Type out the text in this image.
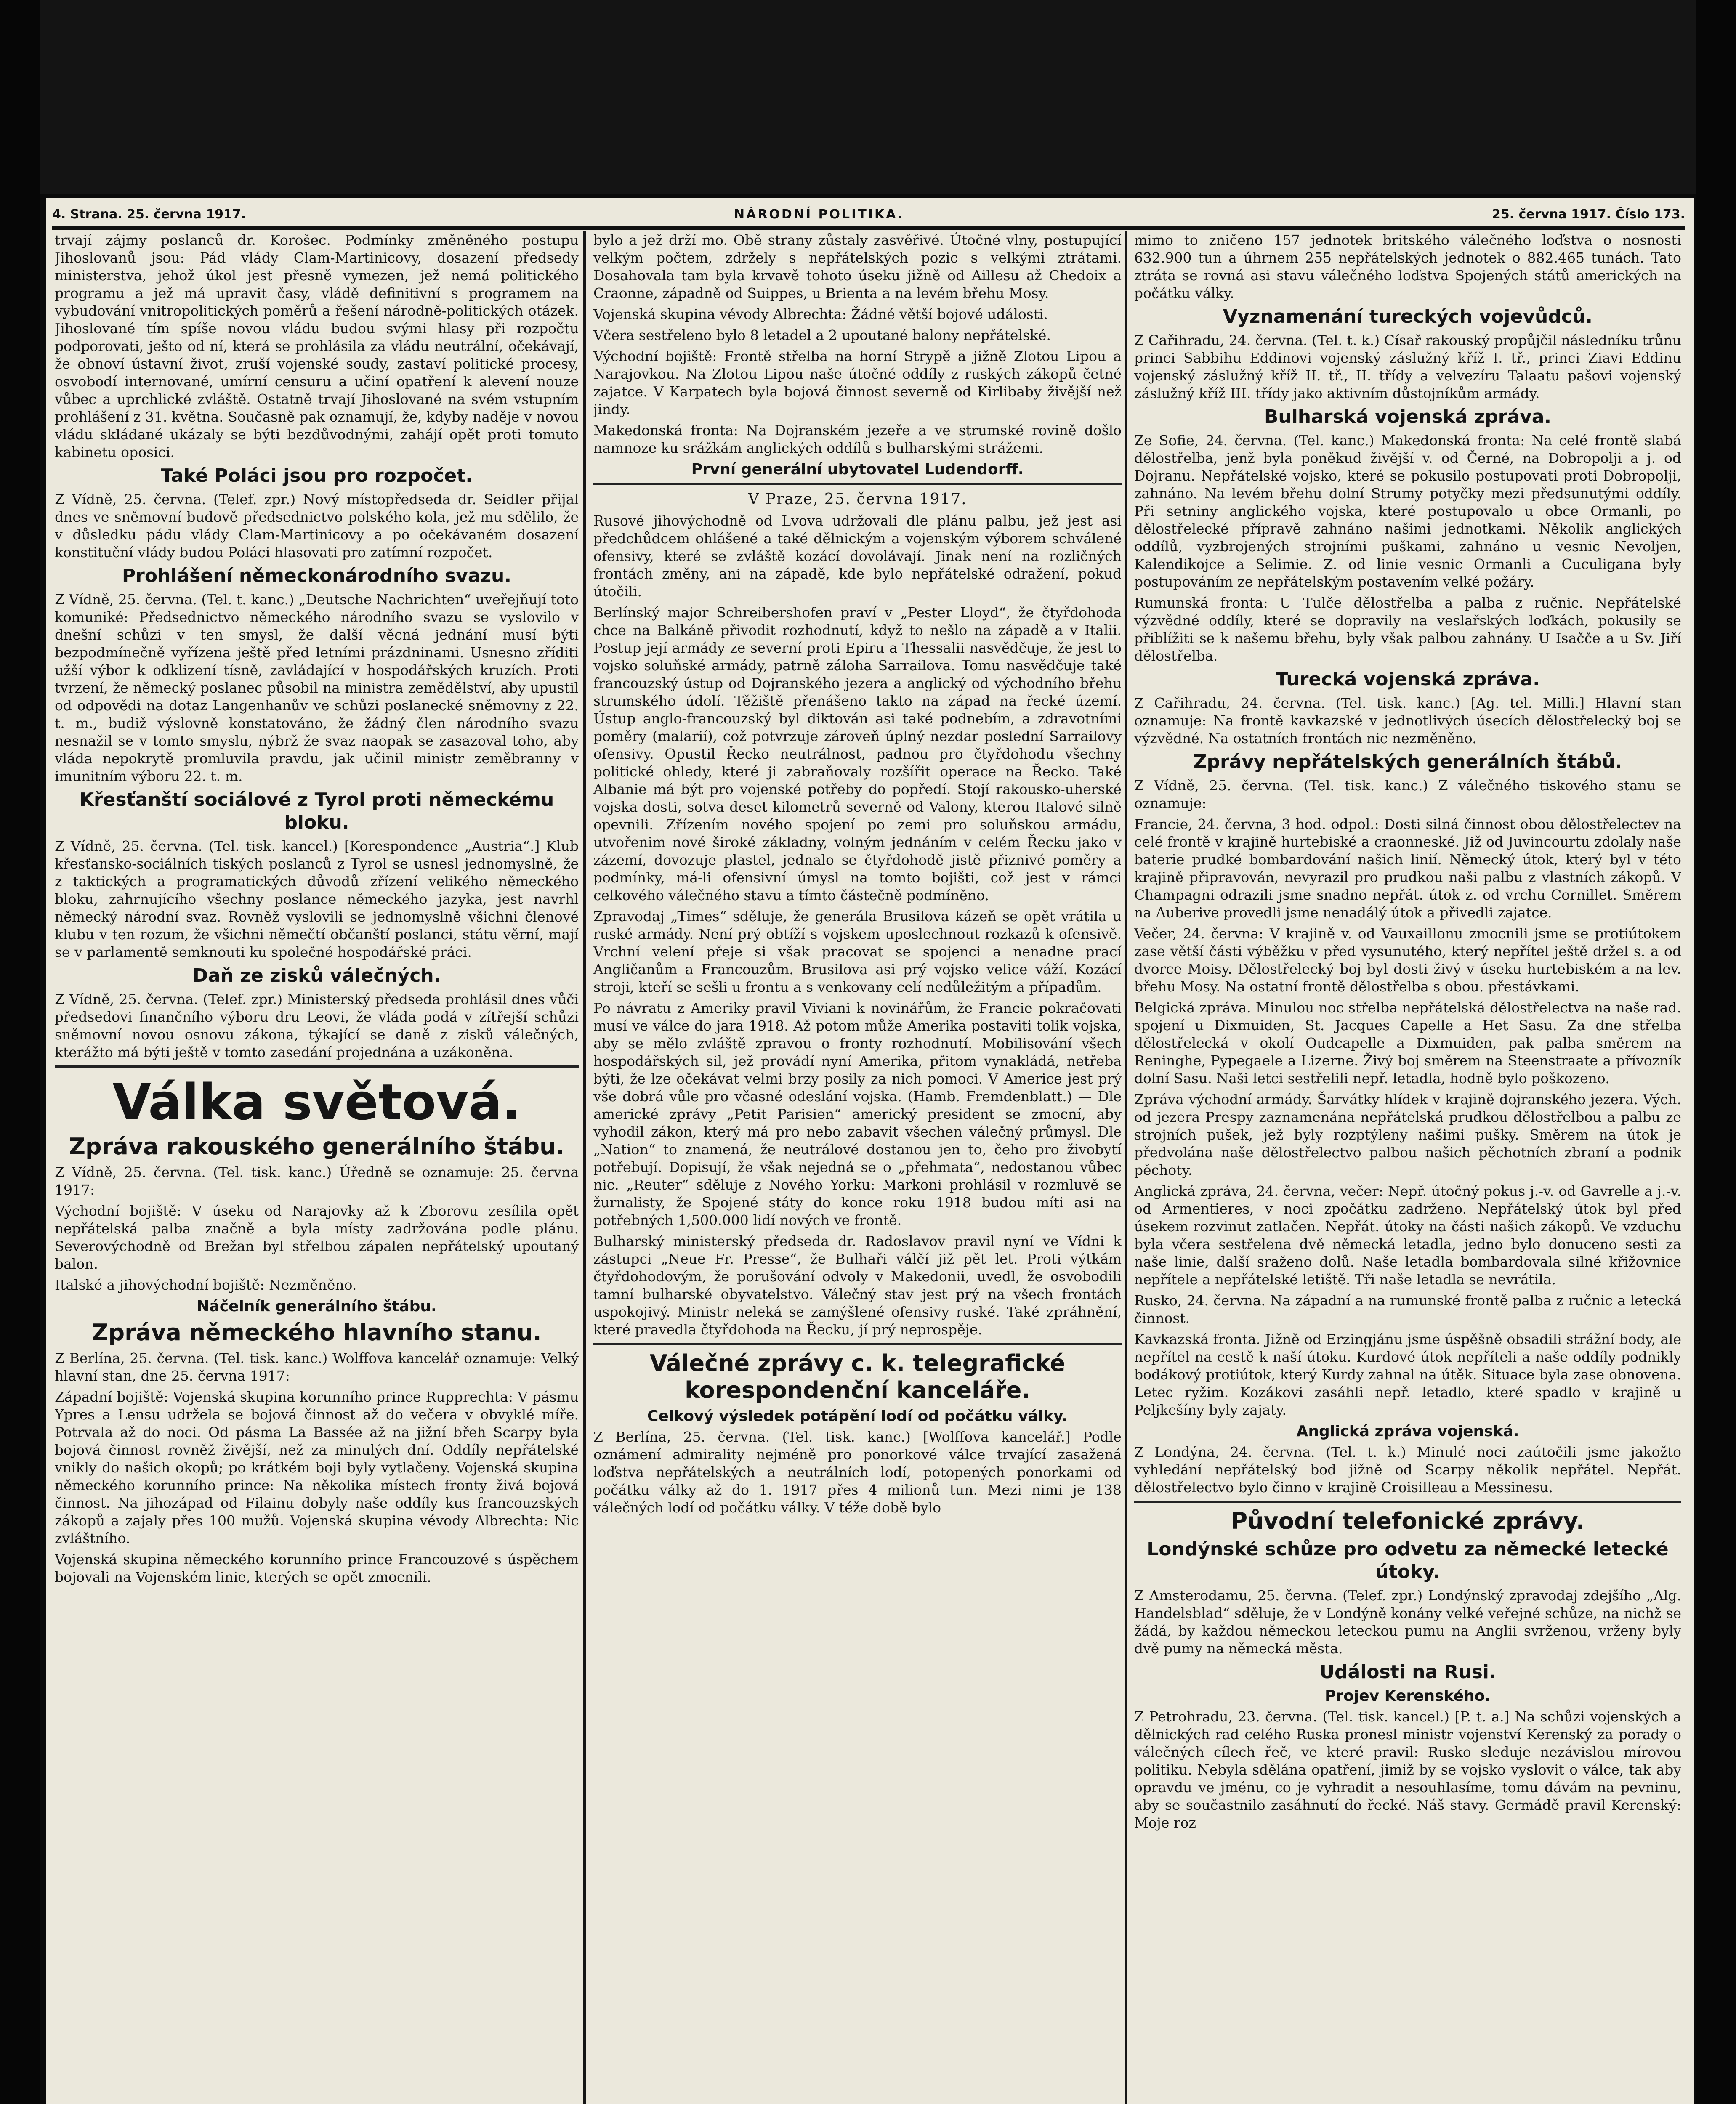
4. Strana. 25. června 1917.	NÁRODNÍ POLITIKA.	25. června 1917. Číslo 173.

trvají zájmy poslanců dr. Korošec. Podmínky změněného postupu Jihoslovanů jsou: Pád vlády Clam-Martinicovy, dosazení předsedy ministerstva, jehož úkol jest přesně vymezen, jež nemá politického programu a jež má upravit časy, vládě definitivní s programem na vybudování vnitropolitických poměrů a řešení národně-politických otázek. Jihoslované tím spíše novou vládu budou svými hlasy při rozpočtu podporovati, ješto od ní, která se prohlásila za vládu neutrální, očekávají, že obnoví ústavní život, zruší vojenské soudy, zastaví politické procesy, osvobodí internované, umírní censuru a učiní opatření k alevení nouze vůbec a uprchlické zvláště. Ostatně trvají Jihoslované na svém vstupním prohlášení z 31. května. Současně pak oznamují, že, kdyby naděje v novou vládu skládané ukázaly se býti bezdůvodnými, zahájí opět proti tomuto kabinetu oposici.

Také Poláci jsou pro rozpočet.

Z Vídně, 25. června. (Telef. zpr.) Nový místopředseda dr. Seidler přijal dnes ve sněmovní budově předsednictvo polského kola, jež mu sdělilo, že v důsledku pádu vlády Clam-Martinicovy a po očekávaném dosazení konstituční vlády budou Poláci hlasovati pro zatímní rozpočet.

Prohlášení německonárodního svazu.

Z Vídně, 25. června. (Tel. t. kanc.) „Deutsche Nachrichten“ uveřejňují toto komuniké: Předsednictvo německého národního svazu se vyslovilo v dnešní schůzi v ten smysl, že další věcná jednání musí býti bezpodmínečně vyřízena ještě před letními prázdninami. Usnesno zříditi užší výbor k odklizení tísně, zavládající v hospodářských kruzích. Proti tvrzení, že německý poslanec působil na ministra zemědělství, aby upustil od odpovědi na dotaz Langenhanův ve schůzi poslanecké sněmovny z 22. t. m., budiž výslovně konstatováno, že žádný člen národního svazu nesnažil se v tomto smyslu, nýbrž že svaz naopak se zasazoval toho, aby vláda nepokrytě promluvila pravdu, jak učinil ministr zeměbranny v imunitním výboru 22. t. m.

Křesťanští sociálové z Tyrol proti německému bloku.

Z Vídně, 25. června. (Tel. tisk. kancel.) [Korespondence „Austria“.] Klub křesťansko-sociálních tiských poslanců z Tyrol se usnesl jednomyslně, že z taktických a programatických důvodů zřízení velikého německého bloku, zahrnujícího všechny poslance německého jazyka, jest navrhl německý národní svaz. Rovněž vyslovili se jednomyslně všichni členové klubu v ten rozum, že všichni němečtí občanští poslanci, státu věrní, mají se v parlamentě semknouti ku společné hospodářské práci.

Daň ze zisků válečných.

Z Vídně, 25. června. (Telef. zpr.) Ministerský předseda prohlásil dnes vůči předsedovi finančního výboru dru Leovi, že vláda podá v zítřejší schůzi sněmovní novou osnovu zákona, týkající se daně z zisků válečných, kterážto má býti ještě v tomto zasedání projednána a uzákoněna.

Válka světová.
Zpráva rakouského generálního štábu.

Z Vídně, 25. června. (Tel. tisk. kanc.) Úředně se oznamuje: 25. června 1917:

Východní bojiště: V úseku od Narajovky až k Zborovu zesílila opět nepřátelská palba značně a byla místy zadržována podle plánu. Severovýchodně od Brežan byl střelbou zápalen nepřátelský upoutaný balon.

Italské a jihovýchodní bojiště: Nezměněno.

Náčelník generálního štábu.
Zpráva německého hlavního stanu.

Z Berlína, 25. června. (Tel. tisk. kanc.) Wolffova kancelář oznamuje: Velký hlavní stan, dne 25. června 1917:

Západní bojiště: Vojenská skupina korunního prince Rupprechta: V pásmu Ypres a Lensu udržela se bojová činnost až do večera v obvyklé míře. Potrvala až do noci. Od pásma La Bassée až na jižní břeh Scarpy byla bojová činnost rovněž živější, než za minulých dní. Oddíly nepřátelské vnikly do našich okopů; po krátkém boji byly vytlačeny. Vojenská skupina německého korunního prince: Na několika místech fronty živá bojová činnost. Na jihozápad od Filainu dobyly naše oddíly kus francouzských zákopů a zajaly přes 100 mužů. Vojenská skupina vévody Albrechta: Nic zvláštního.

Vojenská skupina německého korunního prince Francouzové s úspěchem bojovali na Vojenském linie, kterých se opět zmocnili.

bylo a jež drží mo. Obě strany zůstaly zasvěřivé. Útočné vlny, postupující velkým počtem, zdržely s nepřátelských pozic s velkými ztrátami. Dosahovala tam byla krvavě tohoto úseku jižně od Aillesu až Chedoix a Craonne, západně od Suippes, u Brienta a na levém břehu Mosy.

Vojenská skupina vévody Albrechta: Žádné větší bojové události.

Včera sestřeleno bylo 8 letadel a 2 upoutané balony nepřátelské.

Východní bojiště: Frontě střelba na horní Strypě a jižně Zlotou Lipou a Narajovkou. Na Zlotou Lipou naše útočné oddíly z ruských zákopů četné zajatce. V Karpatech byla bojová činnost severně od Kirlibaby živější než jindy.

Makedonská fronta: Na Dojranském jezeře a ve strumské rovině došlo namnoze ku srážkám anglických oddílů s bulharskými strážemi.

První generální ubytovatel Ludendorff.
V Praze, 25. června 1917.

Rusové jihovýchodně od Lvova udržovali dle plánu palbu, jež jest asi předchůdcem ohlášené a také dělnickým a vojenským výborem schválené ofensivy, které se zvláště kozácí dovolávají. Jinak není na rozličných frontách změny, ani na západě, kde bylo nepřátelské odražení, pokud útočili.

Berlínský major Schreibershofen praví v „Pester Lloyd“, že čtyřdohoda chce na Balkáně přivodit rozhodnutí, když to nešlo na západě a v Italii. Postup její armády ze severní proti Epiru a Thessalii nasvědčuje, že jest to vojsko soluňské armády, patrně záloha Sarrailova. Tomu nasvědčuje také francouzský ústup od Dojranského jezera a anglický od východního břehu strumského údolí. Těžiště přenášeno takto na západ na řecké území. Ústup anglo-francouzský byl diktován asi také podnebím, a zdravotními poměry (malarií), což potvrzuje zároveň úplný nezdar poslední Sarrailovy ofensivy. Opustil Řecko neutrálnost, padnou pro čtyřdohodu všechny politické ohledy, které ji zabraňovaly rozšířit operace na Řecko. Také Albanie má být pro vojenské potřeby do popředí. Stojí rakousko-uherské vojska dosti, sotva deset kilometrů severně od Valony, kterou Italové silně opevnili. Zřízením nového spojení po zemi pro soluňskou armádu, utvořenim nové široké základny, volným jednáním v celém Řecku jako v zázemí, dovozuje plastel, jednalo se čtyřdohodě jistě přiznivé poměry a podmínky, má-li ofensivní úmysl na tomto bojišti, což jest v rámci celkového válečného stavu a tímto částečně podmíněno.

Zpravodaj „Times“ sděluje, že generála Brusilova kázeň se opět vrátila u ruské armády. Není prý obtíží s vojskem uposlechnout rozkazů k ofensivě. Vrchní velení přeje si však pracovat se spojenci a nenadne prací Angličanům a Francouzům. Brusilova asi prý vojsko velice váží. Kozácí stroji, kteří se sešli u frontu a s venkovany celí nedůležitým a případům.

Po návratu z Ameriky pravil Viviani k novinářům, že Francie pokračovati musí ve válce do jara 1918. Až potom může Amerika postaviti tolik vojska, aby se mělo zvláště zpravou o fronty rozhodnutí. Mobilisování všech hospodářských sil, jež provádí nyní Amerika, přitom vynakládá, netřeba býti, že lze očekávat velmi brzy posily za nich pomoci. V Americe jest prý vše dobrá vůle pro včasné odeslání vojska. (Hamb. Fremdenblatt.) — Dle americké zprávy „Petit Parisien“ americký president se zmocní, aby vyhodil zákon, který má pro nebo zabavit všechen válečný průmysl. Dle „Nation“ to znamená, že neutrálové dostanou jen to, čeho pro živobytí potřebují. Dopisují, že však nejedná se o „přehmata“, nedostanou vůbec nic. „Reuter“ sděluje z Nového Yorku: Markoni prohlásil v rozmluvě se žurnalisty, že Spojené státy do konce roku 1918 budou míti asi na potřebných 1,500.000 lidí nových ve frontě.

Bulharský ministerský předseda dr. Radoslavov pravil nyní ve Vídni k zástupci „Neue Fr. Presse“, že Bulhaři válčí již pět let. Proti výtkám čtyřdohodovým, že porušování odvoly v Makedonii, uvedl, že osvobodili tamní bulharské obyvatelstvo. Válečný stav jest prý na všech frontách uspokojivý. Ministr neleká se zamýšlené ofensivy ruské. Také zpráhnění, které pravedla čtyřdohoda na Řecku, jí prý neprospěje.

Válečné zprávy c. k. telegrafické korespondenční kanceláře.
Celkový výsledek potápění lodí od počátku války.

Z Berlína, 25. června. (Tel. tisk. kanc.) [Wolffova kancelář.] Podle oznámení admirality nejméně pro ponorkové válce trvající zasažená loďstva nepřátelských a neutrálních lodí, potopených ponorkami od počátku války až do 1. 1917 přes 4 milionů tun. Mezi nimi je 138 válečných lodí od počátku války. V téže době bylo

mimo to zničeno 157 jednotek britského válečného loďstva o nosnosti 632.900 tun a úhrnem 255 nepřátelských jednotek o 882.465 tunách. Tato ztráta se rovná asi stavu válečného loďstva Spojených států amerických na počátku války.

Vyznamenání tureckých vojevůdců.

Z Cařihradu, 24. června. (Tel. t. k.) Císař rakouský propůjčil následníku trůnu princi Sabbihu Eddinovi vojenský záslužný kříž I. tř., princi Ziavi Eddinu vojenský záslužný kříž II. tř., II. třídy a velvezíru Talaatu pašovi vojenský záslužný kříž III. třídy jako aktivním důstojníkům armády.

Bulharská vojenská zpráva.

Ze Sofie, 24. června. (Tel. kanc.) Makedonská fronta: Na celé frontě slabá dělostřelba, jenž byla poněkud živější v. od Černé, na Dobropolji a j. od Dojranu. Nepřátelské vojsko, které se pokusilo postupovati proti Dobropolji, zahnáno. Na levém břehu dolní Strumy potyčky mezi předsunutými oddíly. Při setniny anglického vojska, které postupovalo u obce Ormanli, po dělostřelecké přípravě zahnáno našimi jednotkami. Několik anglických oddílů, vyzbrojených strojními puškami, zahnáno u vesnic Nevoljen, Kalendikojce a Selimie. Z. od linie vesnic Ormanli a Cuculigana byly postupováním ze nepřátelským postavením velké požáry.

Rumunská fronta: U Tulče dělostřelba a palba z ručnic. Nepřátelské výzvědné oddíly, které se dopravily na veslařských loďkách, pokusily se přiblížiti se k našemu břehu, byly však palbou zahnány. U Isačče a u Sv. Jiří dělostřelba.

Turecká vojenská zpráva.

Z Cařihradu, 24. června. (Tel. tisk. kanc.) [Ag. tel. Milli.] Hlavní stan oznamuje: Na frontě kavkazské v jednotlivých úsecích dělostřelecký boj se výzvědné. Na ostatních frontách nic nezměněno.

Zprávy nepřátelských generálních štábů.

Z Vídně, 25. června. (Tel. tisk. kanc.) Z válečného tiskového stanu se oznamuje:

Francie, 24. června, 3 hod. odpol.: Dosti silná činnost obou dělostřelectev na celé frontě v krajině hurtebiské a craonneské. Již od Juvincourtu zdolaly naše baterie prudké bombardování našich linií. Německý útok, který byl v této krajině připravován, nevyrazil pro prudkou naši palbu z vlastních zákopů. V Champagni odrazili jsme snadno nepřát. útok z. od vrchu Cornillet. Směrem na Auberive provedli jsme nenadálý útok a přivedli zajatce.

Večer, 24. června: V krajině v. od Vauxaillonu zmocnili jsme se protiútokem zase větší části výběžku v před vysunutého, který nepřítel ještě držel s. a od dvorce Moisy. Dělostřelecký boj byl dosti živý v úseku hurtebiském a na lev. břehu Mosy. Na ostatní frontě dělostřelba s obou. přestávkami.

Belgická zpráva. Minulou noc střelba nepřátelská dělostřelectva na naše rad. spojení u Dixmuiden, St. Jacques Capelle a Het Sasu. Za dne střelba dělostřelecká v okolí Oudcapelle a Dixmuiden, pak palba směrem na Reninghe, Pypegaele a Lizerne. Živý boj směrem na Steenstraate a přívozník dolní Sasu. Naši letci sestřelili nepř. letadla, hodně bylo poškozeno.

Zpráva východní armády. Šarvátky hlídek v krajině dojranského jezera. Vých. od jezera Prespy zaznamenána nepřátelská prudkou dělostřelbou a palbu ze strojních pušek, jež byly rozptýleny našimi pušky. Směrem na útok je předvolána naše dělostřelectvo palbou našich pěchotních zbraní a podnik pěchoty.

Anglická zpráva, 24. června, večer: Nepř. útočný pokus j.-v. od Gavrelle a j.-v. od Armentieres, v noci zpočátku zadrženo. Nepřátelský útok byl před úsekem rozvinut zatlačen. Nepřát. útoky na části našich zákopů. Ve vzduchu byla včera sestřelena dvě německá letadla, jedno bylo donuceno sesti za naše linie, další sraženo dolů. Naše letadla bombardovala silné křižovnice nepřítele a nepřátelské letiště. Tři naše letadla se nevrátila.

Rusko, 24. června. Na západní a na rumunské frontě palba z ručnic a letecká činnost.

Kavkazská fronta. Jižně od Erzingjánu jsme úspěšně obsadili strážní body, ale nepřítel na cestě k naší útoku. Kurdové útok nepříteli a naše oddíly podnikly bodákový protiútok, který Kurdy zahnal na útěk. Situace byla zase obnovena. Letec ryžim. Kozákovi zasáhli nepř. letadlo, které spadlo v krajině u Peljkcšíny byly zajaty.

Anglická zpráva vojenská.

Z Londýna, 24. června. (Tel. t. k.) Minulé noci zaútočili jsme jakožto vyhledání nepřátelský bod jižně od Scarpy několik nepřátel. Nepřát. dělostřelectvo bylo činno v krajině Croisilleau a Messinesu.

Původní telefonické zprávy.
Londýnské schůze pro odvetu za německé letecké útoky.

Z Amsterodamu, 25. června. (Telef. zpr.) Londýnský zpravodaj zdejšího „Alg. Handelsblad“ sděluje, že v Londýně konány velké veřejné schůze, na nichž se žádá, by každou německou leteckou pumu na Anglii svrženou, vrženy byly dvě pumy na německá města.

Události na Rusi.
Projev Kerenského.

Z Petrohradu, 23. června. (Tel. tisk. kancel.) [P. t. a.] Na schůzi vojenských a dělnických rad celého Ruska pronesl ministr vojenství Kerenský za porady o válečných cílech řeč, ve které pravil: Rusko sleduje nezávislou mírovou politiku. Nebyla sdělána opatření, jimiž by se vojsko vyslovit o válce, tak aby opravdu ve jménu, co je vyhradit a nesouhlasíme, tomu dávám na pevninu, aby se součastnilo zasáhnutí do řecké. Náš stavy. Germádě pravil Kerenský: Moje roz
